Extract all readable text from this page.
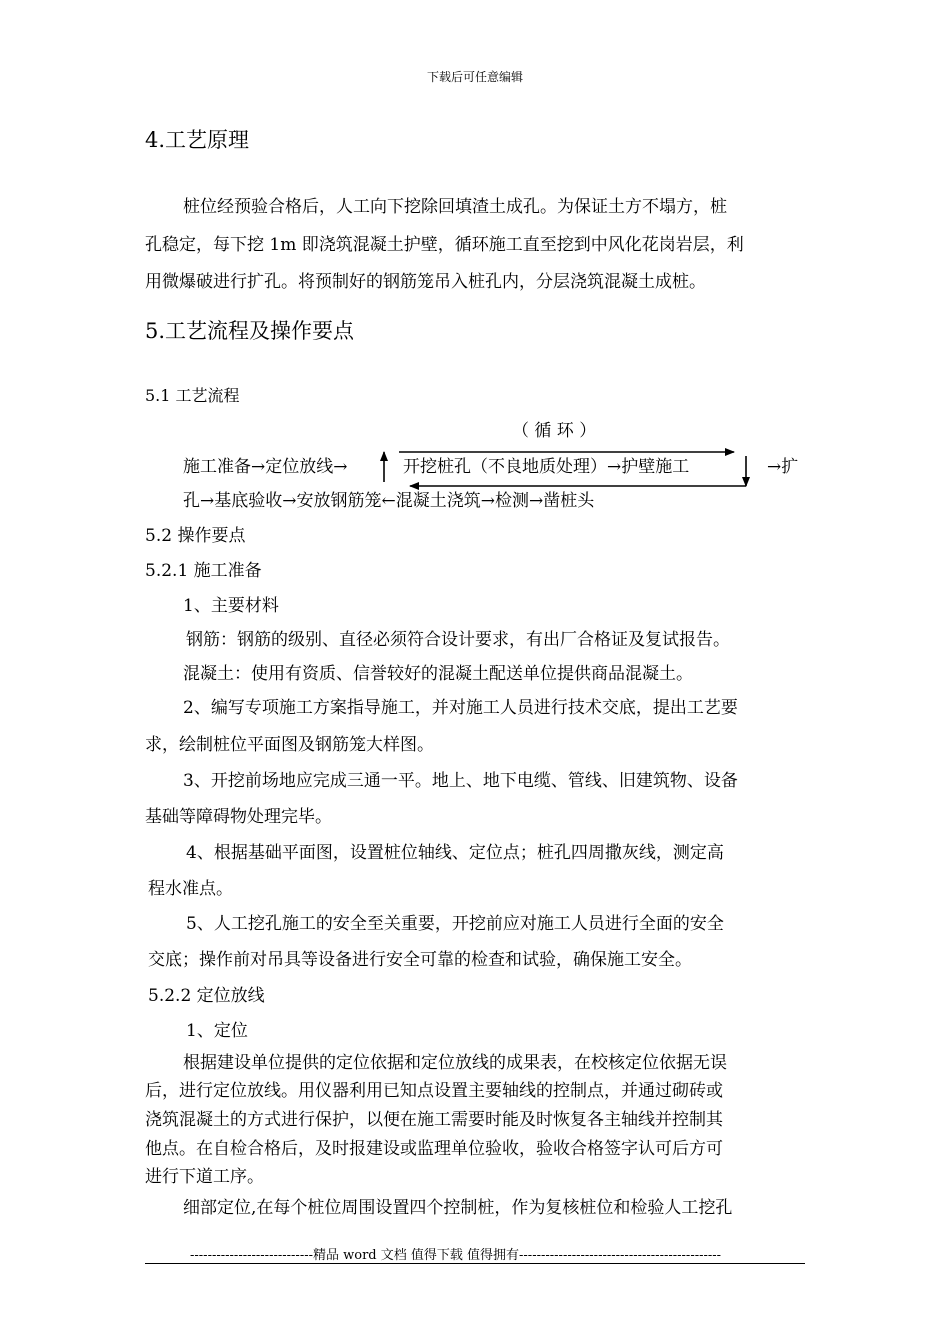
下载后可任意编辑
4.工艺原理
桩位经预验合格后，人工向下挖除回填渣土成孔。为保证土方不塌方，桩
孔稳定，每下挖 1m 即浇筑混凝土护壁，循环施工直至挖到中风化花岗岩层，利
用微爆破进行扩孔。将预制好的钢筋笼吊入桩孔内，分层浇筑混凝土成桩。
5.工艺流程及操作要点
5.1 工艺流程
（ 循 环 ）
施工准备→定位放线→	开挖桩孔（不良地质处理）→护壁施工	→扩
孔→基底验收→安放钢筋笼←混凝土浇筑→检测→凿桩头
5.2 操作要点
5.2.1 施工准备
1、主要材料
钢筋：钢筋的级别、直径必须符合设计要求，有出厂合格证及复试报告。
混凝土：使用有资质、信誉较好的混凝土配送单位提供商品混凝土。
2、编写专项施工方案指导施工，并对施工人员进行技术交底，提出工艺要
求，绘制桩位平面图及钢筋笼大样图。
3、开挖前场地应完成三通一平。地上、地下电缆、管线、旧建筑物、设备
基础等障碍物处理完毕。
4、根据基础平面图，设置桩位轴线、定位点；桩孔四周撒灰线，测定高
程水准点。
5、人工挖孔施工的安全至关重要，开挖前应对施工人员进行全面的安全
交底；操作前对吊具等设备进行安全可靠的检查和试验，确保施工安全。
5.2.2 定位放线
1、定位
根据建设单位提供的定位依据和定位放线的成果表，在校核定位依据无误
后，进行定位放线。用仪器利用已知点设置主要轴线的控制点，并通过砌砖或
浇筑混凝土的方式进行保护，以便在施工需要时能及时恢复各主轴线并控制其
他点。在自检合格后，及时报建设或监理单位验收，验收合格签字认可后方可
进行下道工序。
细部定位,在每个桩位周围设置四个控制桩，作为复核桩位和检验人工挖孔
----------------------------精品 word 文档 值得下载 值得拥有----------------------------------------------
